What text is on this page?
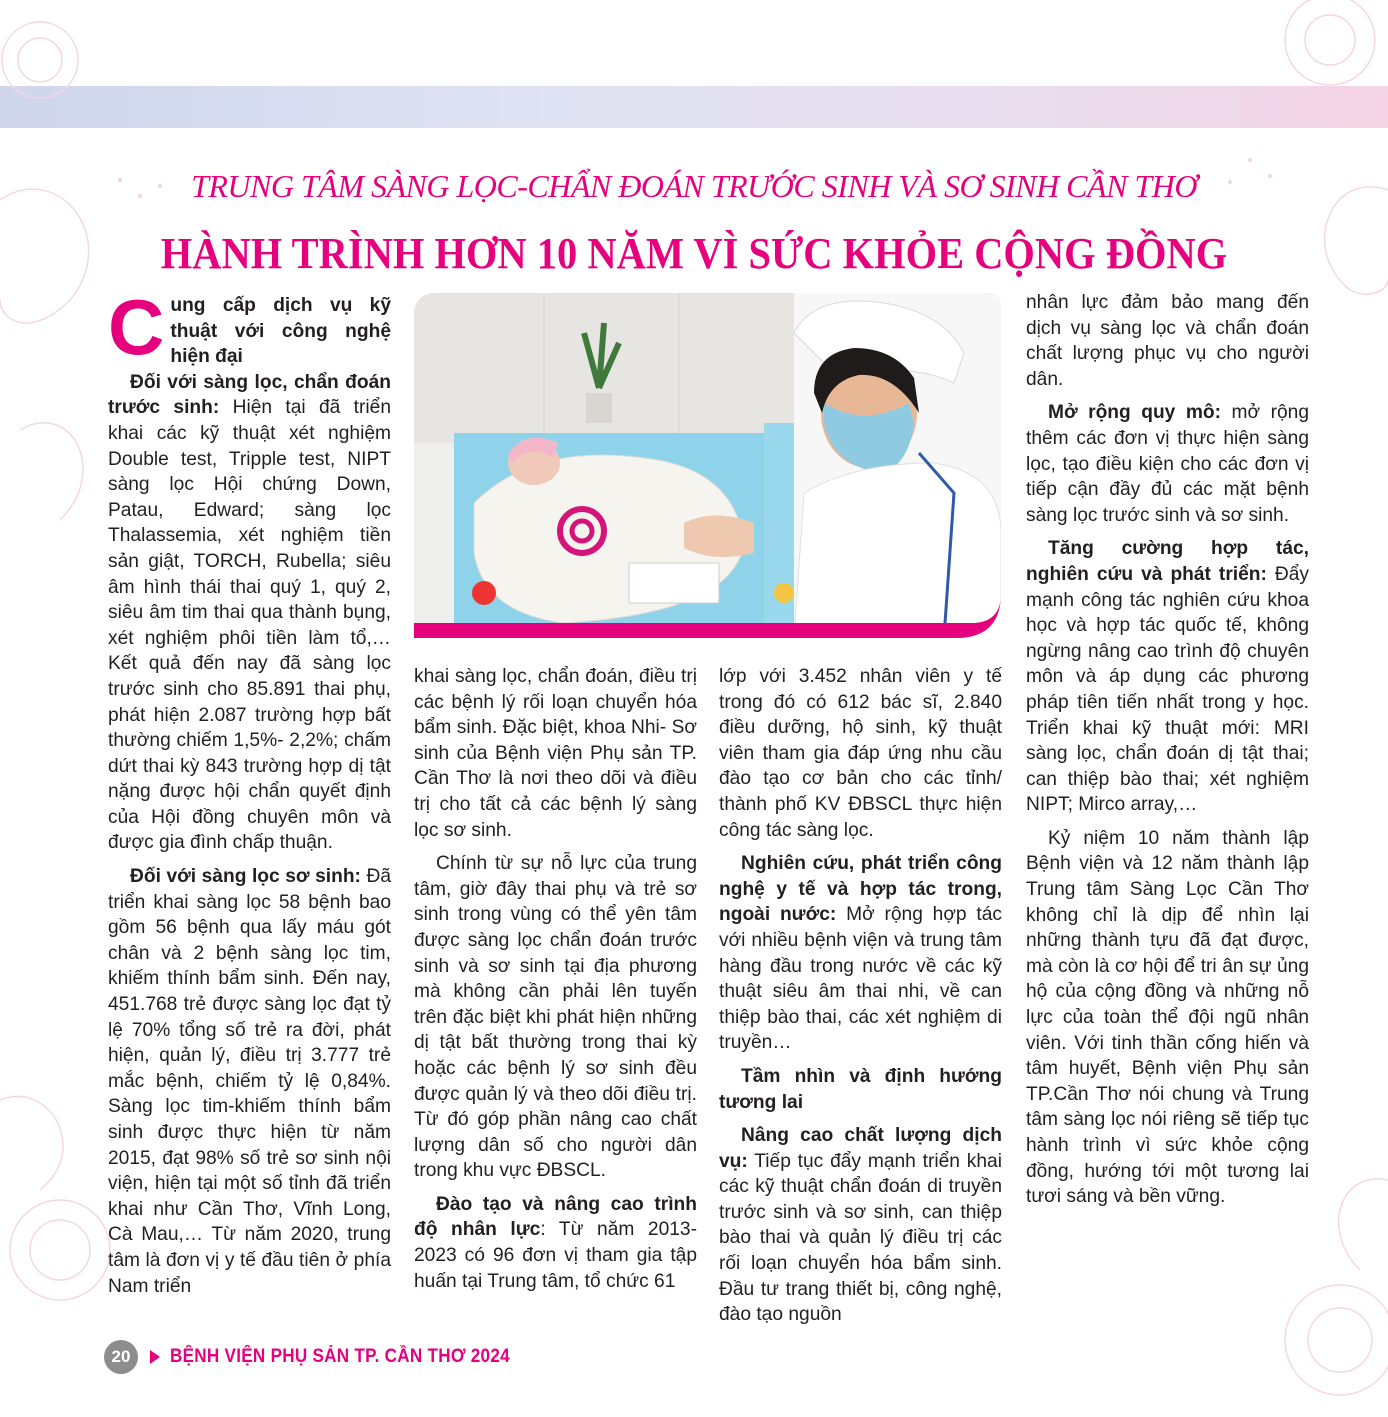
TRUNG TÂM SÀNG LỌC-CHẨN ĐOÁN TRƯỚC SINH VÀ SƠ SINH CẦN THƠ
HÀNH TRÌNH HƠN 10 NĂM VÌ SỨC KHỎE CỘNG ĐỒNG

Cung cấp dịch vụ kỹ thuật với công nghệ hiện đại

Đối với sàng lọc, chẩn đoán trước sinh: Hiện tại đã triển khai các kỹ thuật xét nghiệm Double test, Tripple test, NIPT sàng lọc Hội chứng Down, Patau, Edward; sàng lọc Thalassemia, xét nghiệm tiền sản giật, TORCH, Rubella; siêu âm hình thái thai quý 1, quý 2, siêu âm tim thai qua thành bụng, xét nghiệm phôi tiền làm tổ,… Kết quả đến nay đã sàng lọc trước sinh cho 85.891 thai phụ, phát hiện 2.087 trường hợp bất thường chiếm 1,5%- 2,2%; chấm dứt thai kỳ 843 trường hợp dị tật nặng được hội chẩn quyết định của Hội đồng chuyên môn và được gia đình chấp thuận.

Đối với sàng lọc sơ sinh: Đã triển khai sàng lọc 58 bệnh bao gồm 56 bệnh qua lấy máu gót chân và 2 bệnh sàng lọc tim, khiếm thính bẩm sinh. Đến nay, 451.768 trẻ được sàng lọc đạt tỷ lệ 70% tổng số trẻ ra đời, phát hiện, quản lý, điều trị 3.777 trẻ mắc bệnh, chiếm tỷ lệ 0,84%. Sàng lọc tim-khiếm thính bẩm sinh được thực hiện từ năm 2015, đạt 98% số trẻ sơ sinh nội viện, hiện tại một số tỉnh đã triển khai như Cần Thơ, Vĩnh Long, Cà Mau,… Từ năm 2020, trung tâm là đơn vị y tế đầu tiên ở phía Nam triển

khai sàng lọc, chẩn đoán, điều trị các bệnh lý rối loạn chuyển hóa bẩm sinh. Đặc biệt, khoa Nhi- Sơ sinh của Bệnh viện Phụ sản TP. Cần Thơ là nơi theo dõi và điều trị cho tất cả các bệnh lý sàng lọc sơ sinh.

Chính từ sự nỗ lực của trung tâm, giờ đây thai phụ và trẻ sơ sinh trong vùng có thể yên tâm được sàng lọc chẩn đoán trước sinh và sơ sinh tại địa phương mà không cần phải lên tuyến trên đặc biệt khi phát hiện những dị tật bất thường trong thai kỳ hoặc các bệnh lý sơ sinh đều được quản lý và theo dõi điều trị. Từ đó góp phần nâng cao chất lượng dân số cho người dân trong khu vực ĐBSCL.

Đào tạo và nâng cao trình độ nhân lực: Từ năm 2013-2023 có 96 đơn vị tham gia tập huấn tại Trung tâm, tổ chức 61

lớp với 3.452 nhân viên y tế trong đó có 612 bác sĩ, 2.840 điều dưỡng, hộ sinh, kỹ thuật viên tham gia đáp ứng nhu cầu đào tạo cơ bản cho các tỉnh/ thành phố KV ĐBSCL thực hiện công tác sàng lọc.

Nghiên cứu, phát triển công nghệ y tế và hợp tác trong, ngoài nước: Mở rộng hợp tác với nhiều bệnh viện và trung tâm hàng đầu trong nước về các kỹ thuật siêu âm thai nhi, về can thiệp bào thai, các xét nghiệm di truyền…

Tầm nhìn và định hướng tương lai

Nâng cao chất lượng dịch vụ: Tiếp tục đẩy mạnh triển khai các kỹ thuật chẩn đoán di truyền trước sinh và sơ sinh, can thiệp bào thai và quản lý điều trị các rối loạn chuyển hóa bẩm sinh. Đầu tư trang thiết bị, công nghệ, đào tạo nguồn

nhân lực đảm bảo mang đến dịch vụ sàng lọc và chẩn đoán chất lượng phục vụ cho người dân.

Mở rộng quy mô: mở rộng thêm các đơn vị thực hiện sàng lọc, tạo điều kiện cho các đơn vị tiếp cận đầy đủ các mặt bệnh sàng lọc trước sinh và sơ sinh.

Tăng cường hợp tác, nghiên cứu và phát triển: Đẩy mạnh công tác nghiên cứu khoa học và hợp tác quốc tế, không ngừng nâng cao trình độ chuyên môn và áp dụng các phương pháp tiên tiến nhất trong y học. Triển khai kỹ thuật mới: MRI sàng lọc, chẩn đoán dị tật thai; can thiệp bào thai; xét nghiệm NIPT; Mirco array,…

Kỷ niệm 10 năm thành lập Bệnh viện và 12 năm thành lập Trung tâm Sàng Lọc Cần Thơ không chỉ là dịp để nhìn lại những thành tựu đã đạt được, mà còn là cơ hội để tri ân sự ủng hộ của cộng đồng và những nỗ lực của toàn thể đội ngũ nhân viên. Với tinh thần cống hiến và tâm huyết, Bệnh viện Phụ sản TP.Cần Thơ nói chung và Trung tâm sàng lọc nói riêng sẽ tiếp tục hành trình vì sức khỏe cộng đồng, hướng tới một tương lai tươi sáng và bền vững.

20	BỆNH VIỆN PHỤ SẢN TP. CẦN THƠ 2024
